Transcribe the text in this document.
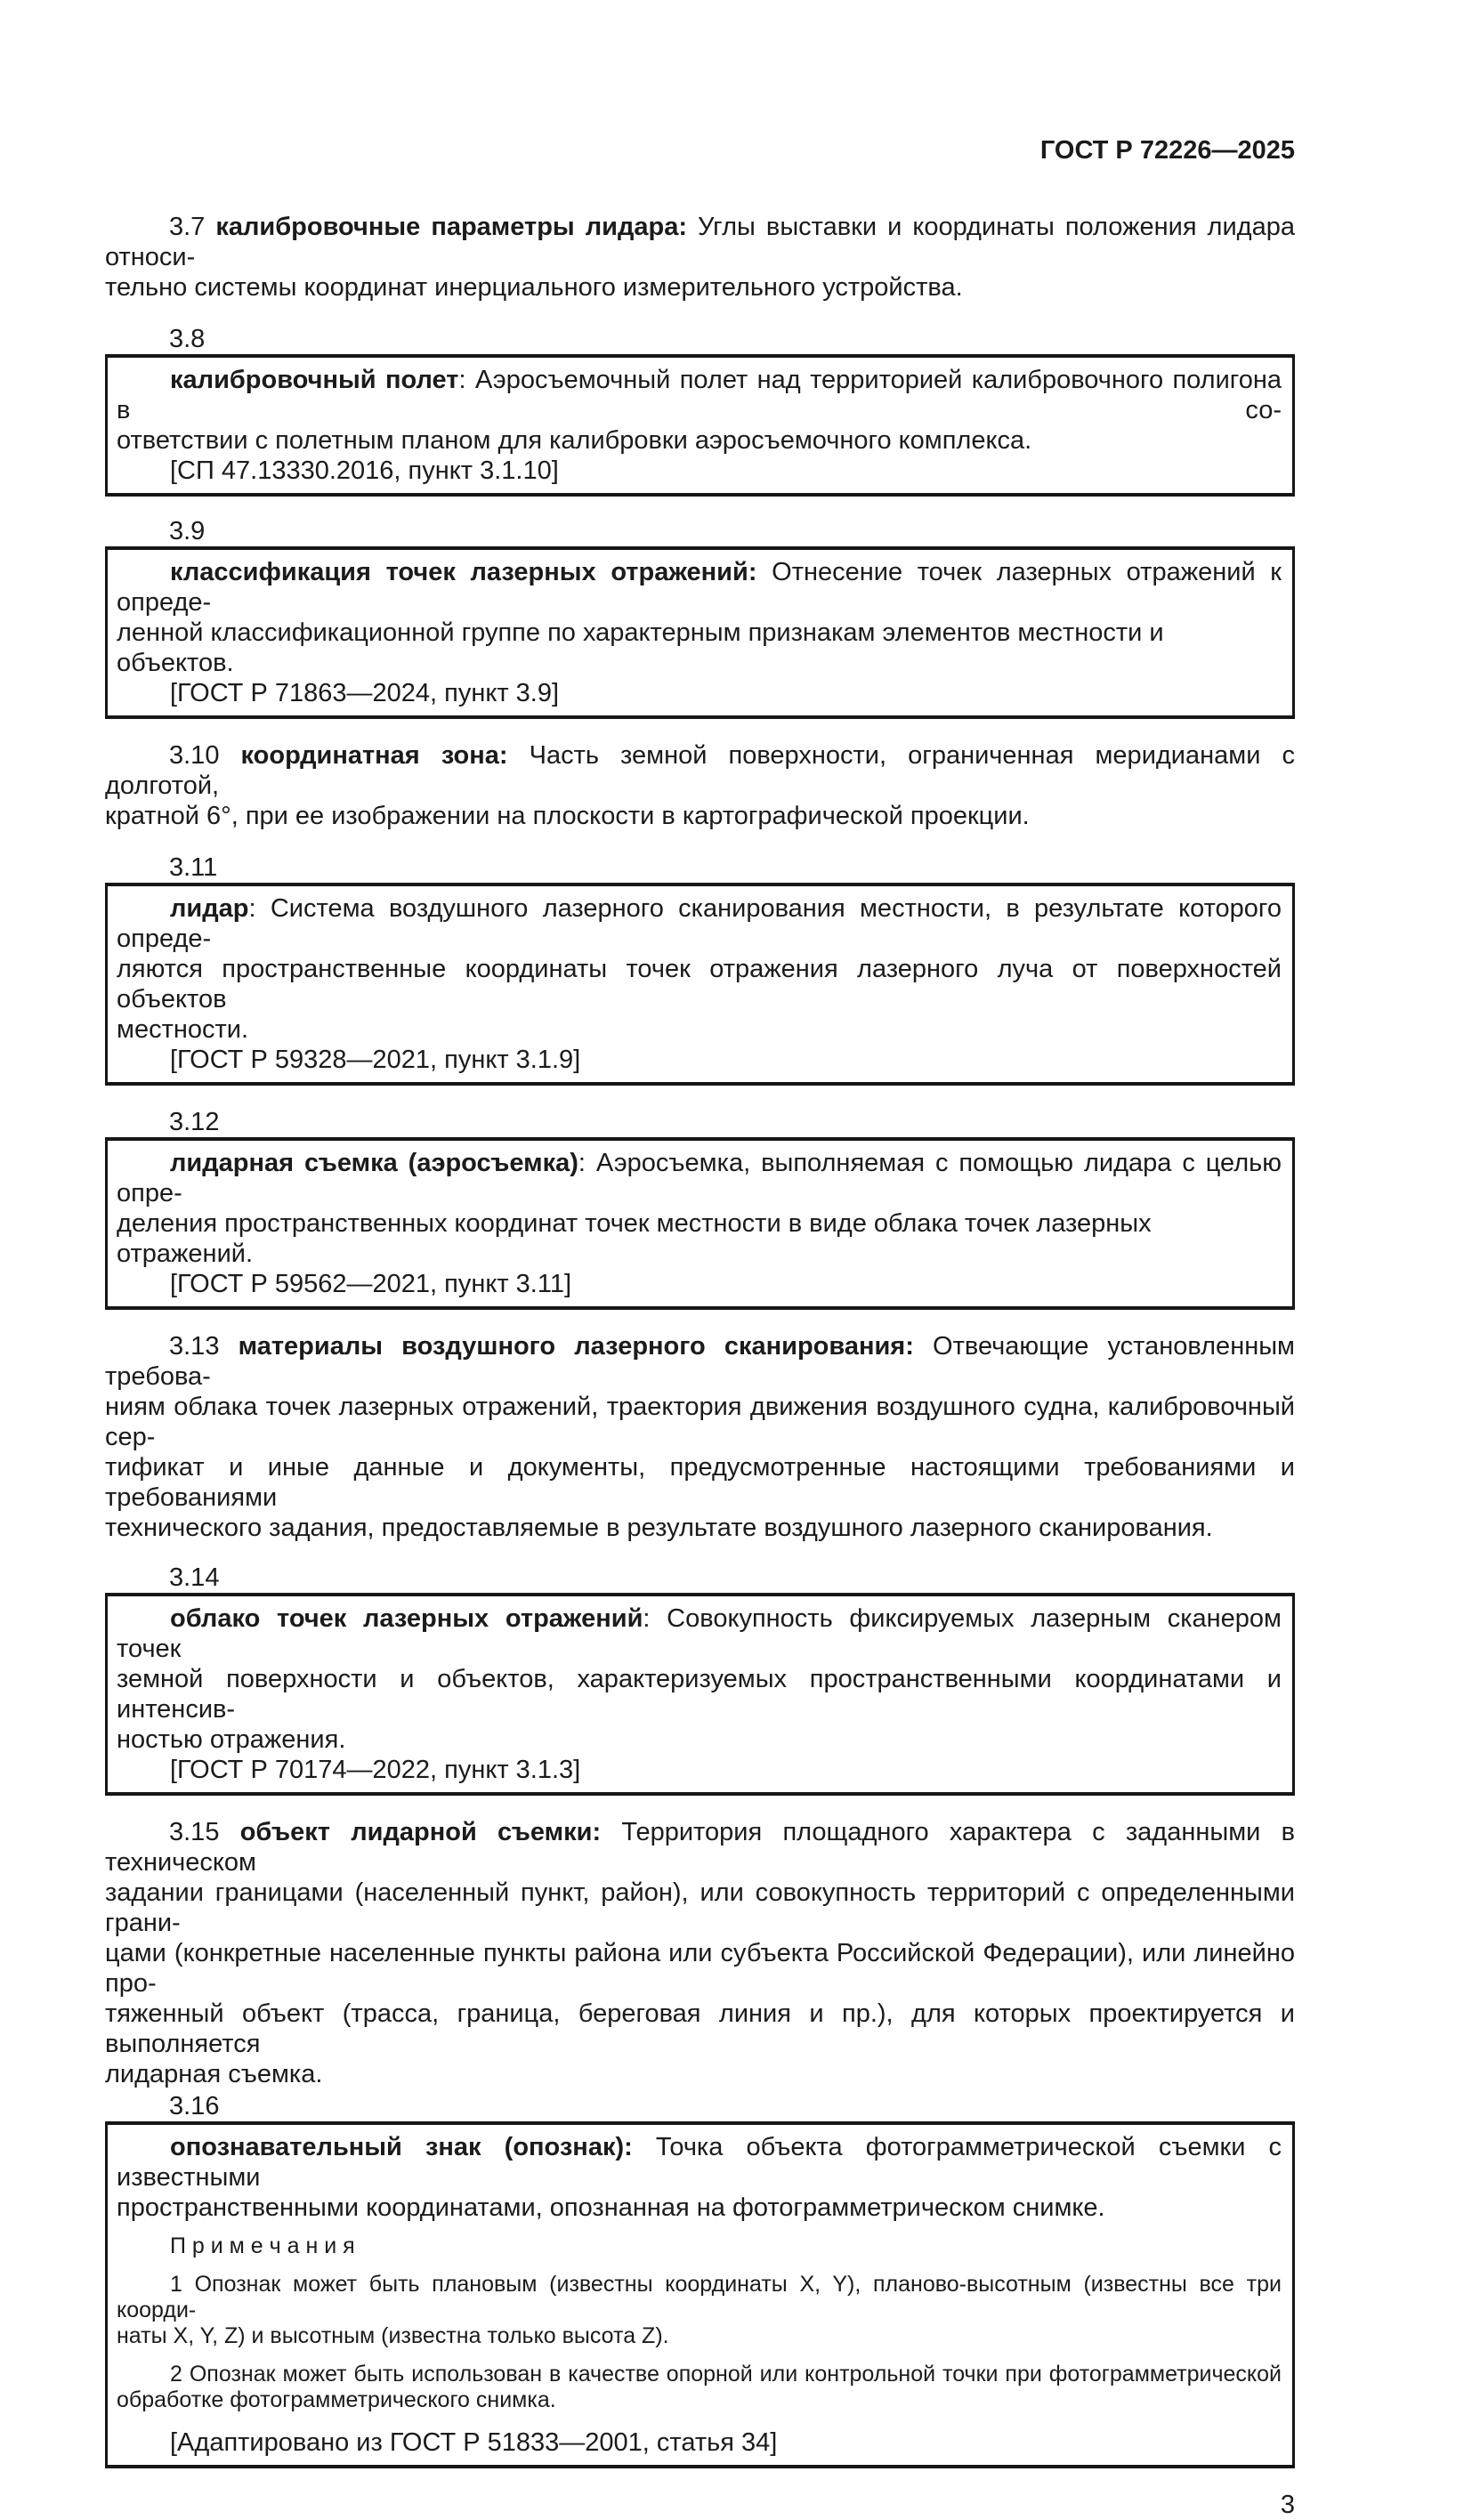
ГОСТ Р 72226—2025
3.7 калибровочные параметры лидара: Углы выставки и координаты положения лидара относи-
тельно системы координат инерциального измерительного устройства.
3.8
калибровочный полет: Аэросъемочный полет над территорией калибровочного полигона в со-
ответствии с полетным планом для калибровки аэросъемочного комплекса.
[СП 47.13330.2016, пункт 3.1.10]
3.9
классификация точек лазерных отражений: Отнесение точек лазерных отражений к опреде-
ленной классификационной группе по характерным признакам элементов местности и объектов.
[ГОСТ Р 71863—2024, пункт 3.9]
3.10 координатная зона: Часть земной поверхности, ограниченная меридианами с долготой,
кратной 6°, при ее изображении на плоскости в картографической проекции.
3.11
лидар: Система воздушного лазерного сканирования местности, в результате которого опреде-
ляются пространственные координаты точек отражения лазерного луча от поверхностей объектов
местности.
[ГОСТ Р 59328—2021, пункт 3.1.9]
3.12
лидарная съемка (аэросъемка): Аэросъемка, выполняемая с помощью лидара с целью опре-
деления пространственных координат точек местности в виде облака точек лазерных отражений.
[ГОСТ Р 59562—2021, пункт 3.11]
3.13 материалы воздушного лазерного сканирования: Отвечающие установленным требова-
ниям облака точек лазерных отражений, траектория движения воздушного судна, калибровочный сер-
тификат и иные данные и документы, предусмотренные настоящими требованиями и требованиями
технического задания, предоставляемые в результате воздушного лазерного сканирования.
3.14
облако точек лазерных отражений: Совокупность фиксируемых лазерным сканером точек
земной поверхности и объектов, характеризуемых пространственными координатами и интенсив-
ностью отражения.
[ГОСТ Р 70174—2022, пункт 3.1.3]
3.15 объект лидарной съемки: Территория площадного характера с заданными в техническом
задании границами (населенный пункт, район), или совокупность территорий с определенными грани-
цами (конкретные населенные пункты района или субъекта Российской Федерации), или линейно про-
тяженный объект (трасса, граница, береговая линия и пр.), для которых проектируется и выполняется
лидарная съемка.
3.16
опознавательный знак (опознак): Точка объекта фотограмметрической съемки с известными
пространственными координатами, опознанная на фотограмметрическом снимке.
П р и м е ч а н и я
1 Опознак может быть плановым (известны координаты X, Y), планово-высотным (известны все три коорди-
наты X, Y, Z) и высотным (известна только высота Z).
2 Опознак может быть использован в качестве опорной или контрольной точки при фотограмметрической
обработке фотограмметрического снимка.
[Адаптировано из ГОСТ Р 51833—2001, статья 34]
3
